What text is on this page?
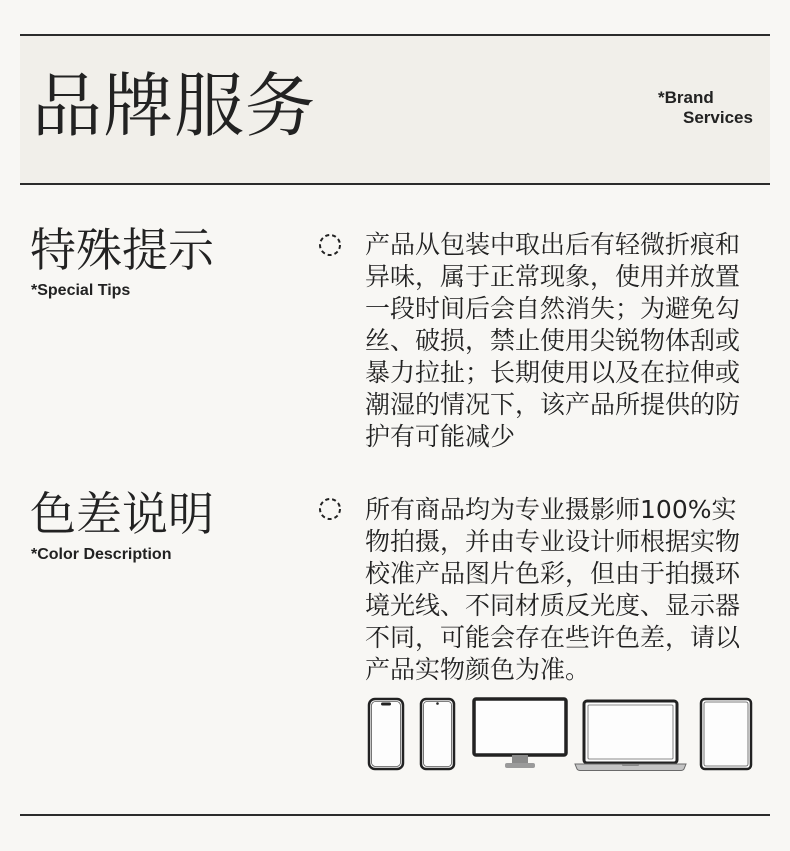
品牌服务	*Brand
Services
特殊提示
*Special Tips
产品从包装中取出后有轻微折痕和异味，属于正常现象，使用并放置一段时间后会自然消失；为避免勾丝、破损，禁止使用尖锐物体刮或暴力拉扯；长期使用以及在拉伸或潮湿的情况下，该产品所提供的防护有可能减少
色差说明
*Color Description
所有商品均为专业摄影师100%实物拍摄，并由专业设计师根据实物校准产品图片色彩，但由于拍摄环境光线、不同材质反光度、显示器不同，可能会存在些许色差，请以产品实物颜色为准。
